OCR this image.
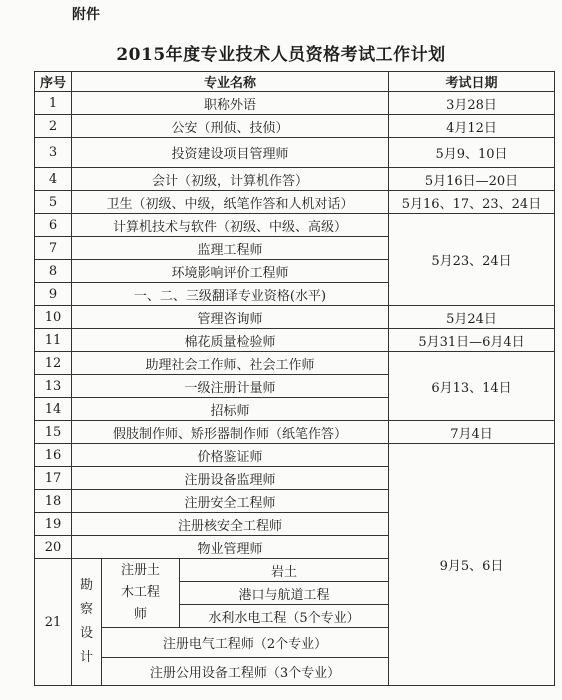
附件
2015年度专业技术人员资格考试工作计划
序号	专业名称			考试日期
1	职称外语			3月28日
2	公安（刑侦、技侦）			4月12日
3	投资建设项目管理师			5月9、10日
4	会计（初级，计算机作答）			5月16日—20日
5	卫生（初级、中级，纸笔作答和人机对话）			5月16、17、23、24日
6	计算机技术与软件（初级、中级、高级）			5月23、24日
7	监理工程师			
8	环境影响评价工程师			
9	一、二、三级翻译专业资格(水平)			
10	管理咨询师			5月24日
11	棉花质量检验师			5月31日—6月4日
12	助理社会工作师、社会工作师			6月13、14日
13	一级注册计量师			
14	招标师			
15	假肢制作师、矫形器制作师（纸笔作答）			7月4日
16	价格鉴证师			9月5、6日
17	注册设备监理师			
18	注册安全工程师			
19	注册核安全工程师			
20	物业管理师			
21	勘察设计	注册土木工程师	岩土	
			港口与航道工程	
			水利水电工程（5个专业）	
		注册电气工程师（2个专业）		
		注册公用设备工程师（3个专业）		
